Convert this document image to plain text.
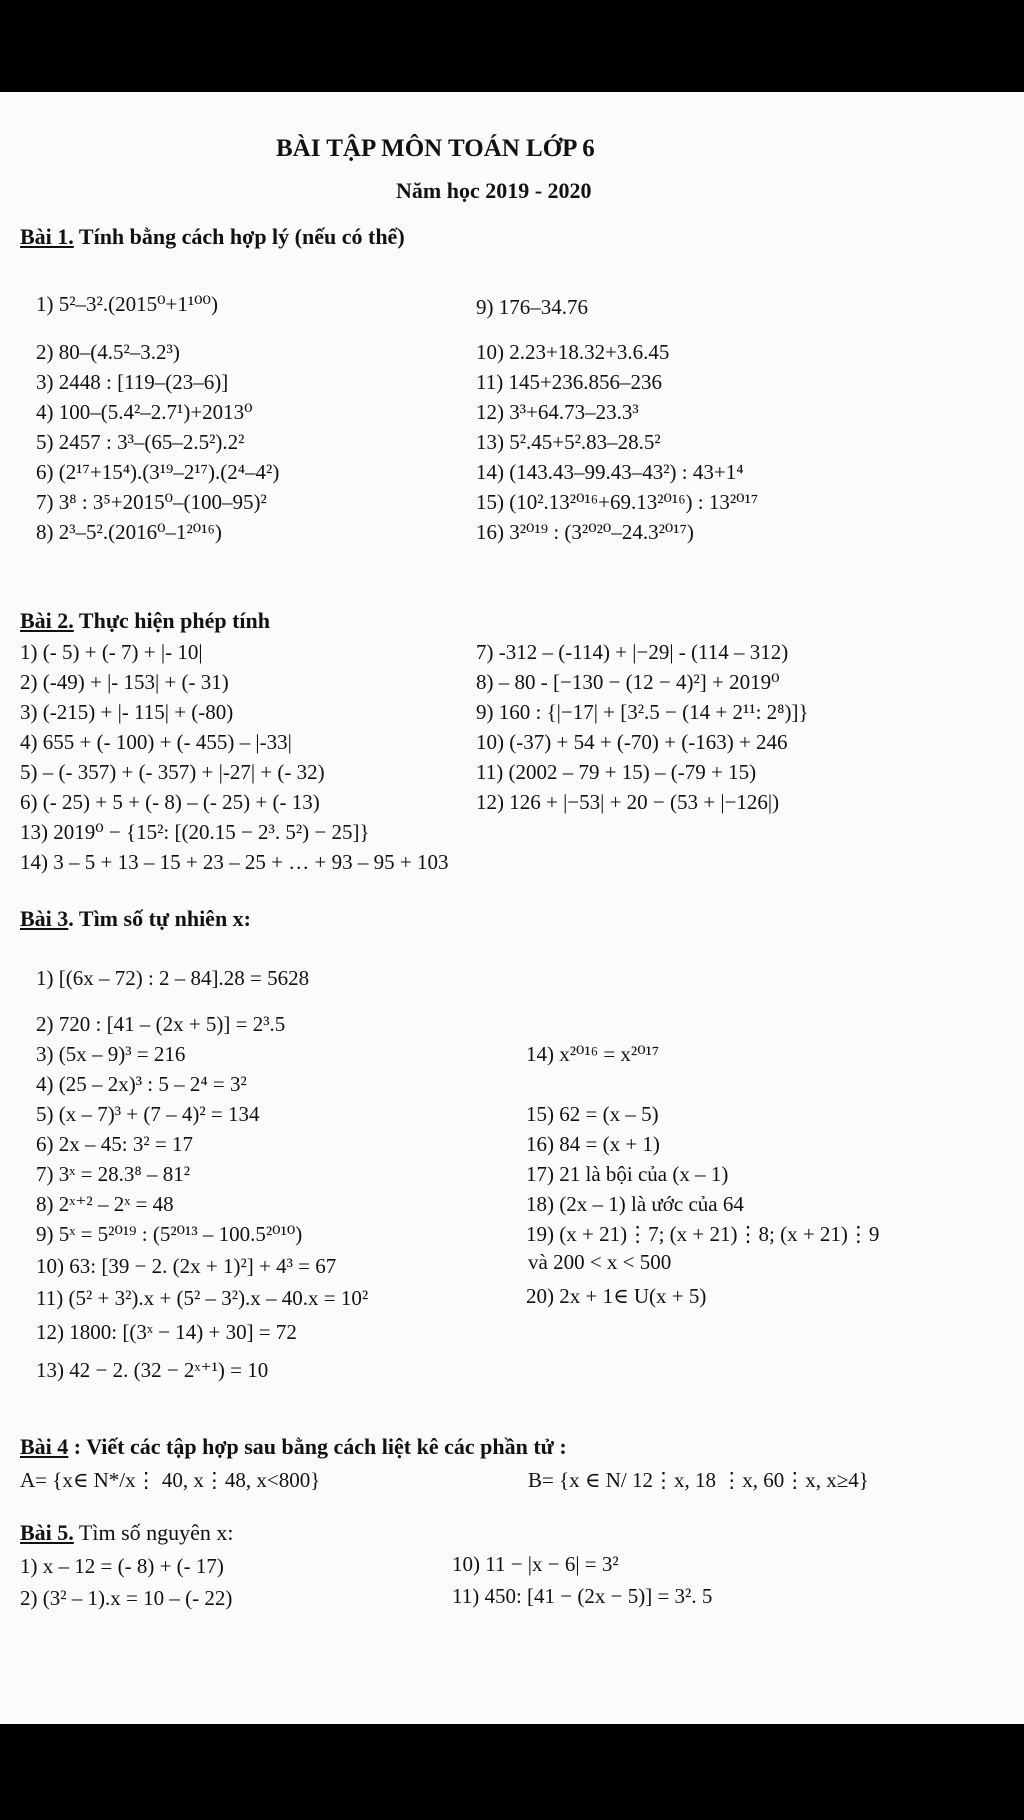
BÀI TẬP MÔN TOÁN LỚP 6
Năm học 2019 - 2020
Bài 1. Tính bằng cách hợp lý (nếu có thể)
1) 5²–3².(2015⁰+1¹⁰⁰)
2) 80–(4.5²–3.2³)
3) 2448 : [119–(23–6)]
4) 100–(5.4²–2.7¹)+2013⁰
5) 2457 : 3³–(65–2.5²).2²
6) (2¹⁷+15⁴).(3¹⁹–2¹⁷).(2⁴–4²)
7) 3⁸ : 3⁵+2015⁰–(100–95)²
8) 2³–5².(2016⁰–1²⁰¹⁶)
9) 176–34.76
10) 2.23+18.32+3.6.45
11) 145+236.856–236
12) 3³+64.73–23.3³
13) 5².45+5².83–28.5²
14) (143.43–99.43–43²) : 43+1⁴
15) (10².13²⁰¹⁶+69.13²⁰¹⁶) : 13²⁰¹⁷
16) 3²⁰¹⁹ : (3²⁰²⁰–24.3²⁰¹⁷)
Bài 2. Thực hiện phép tính
1) (- 5) + (- 7) + |- 10|
2) (-49) + |- 153| + (- 31)
3) (-215) + |- 115| + (-80)
4) 655 + (- 100) + (- 455) – |-33|
5) – (- 357) + (- 357) + |-27| + (- 32)
6) (- 25) + 5 + (- 8) – (- 25) + (- 13)
7) -312 – (-114) + |−29| - (114 – 312)
8) – 80 - [−130 − (12 − 4)²] + 2019⁰
9) 160 : {|−17| + [3².5 − (14 + 2¹¹: 2⁸)]}
10) (-37) + 54 + (-70) + (-163) + 246
11) (2002 – 79 + 15) – (-79 + 15)
12) 126 + |−53| + 20 − (53 + |−126|)
13) 2019⁰ − {15²: [(20.15 − 2³. 5²) − 25]}
14) 3 – 5 + 13 – 15 + 23 – 25 + … + 93 – 95 + 103
Bài 3. Tìm số tự nhiên x:
1) [(6x – 72) : 2 – 84].28 = 5628
2) 720 : [41 – (2x + 5)] = 2³.5
3) (5x – 9)³ = 216
4) (25 – 2x)³ : 5 – 2⁴ = 3²
5) (x – 7)³ + (7 – 4)² = 134
6) 2x – 45: 3² = 17
7) 3ˣ = 28.3⁸ – 81²
8) 2ˣ⁺² – 2ˣ = 48
9) 5ˣ = 5²⁰¹⁹ : (5²⁰¹³ – 100.5²⁰¹⁰)
10) 63: [39 − 2. (2x + 1)²] + 4³ = 67
11) (5² + 3²).x + (5² – 3²).x – 40.x = 10²
12) 1800: [(3ˣ − 14) + 30] = 72
13) 42 − 2. (32 − 2ˣ⁺¹) = 10
14) x²⁰¹⁶ = x²⁰¹⁷
15) 62 = (x – 5)
16) 84 = (x + 1)
17) 21 là bội của (x – 1)
18) (2x – 1) là ước của 64
19) (x + 21)⋮7; (x + 21)⋮8; (x + 21)⋮9
và 200 < x < 500
20) 2x + 1∈ U(x + 5)
Bài 4 : Viết các tập hợp sau bằng cách liệt kê các phần tử :
A= {x∈ N*/x⋮ 40, x⋮48, x<800}	B= {x ∈ N/ 12⋮x, 18 ⋮x, 60⋮x, x≥4}
Bài 5. Tìm số nguyên x:
1) x – 12 = (- 8) + (- 17)
2) (3² – 1).x = 10 – (- 22)
10) 11 − |x − 6| = 3²
11) 450: [41 − (2x − 5)] = 3². 5
